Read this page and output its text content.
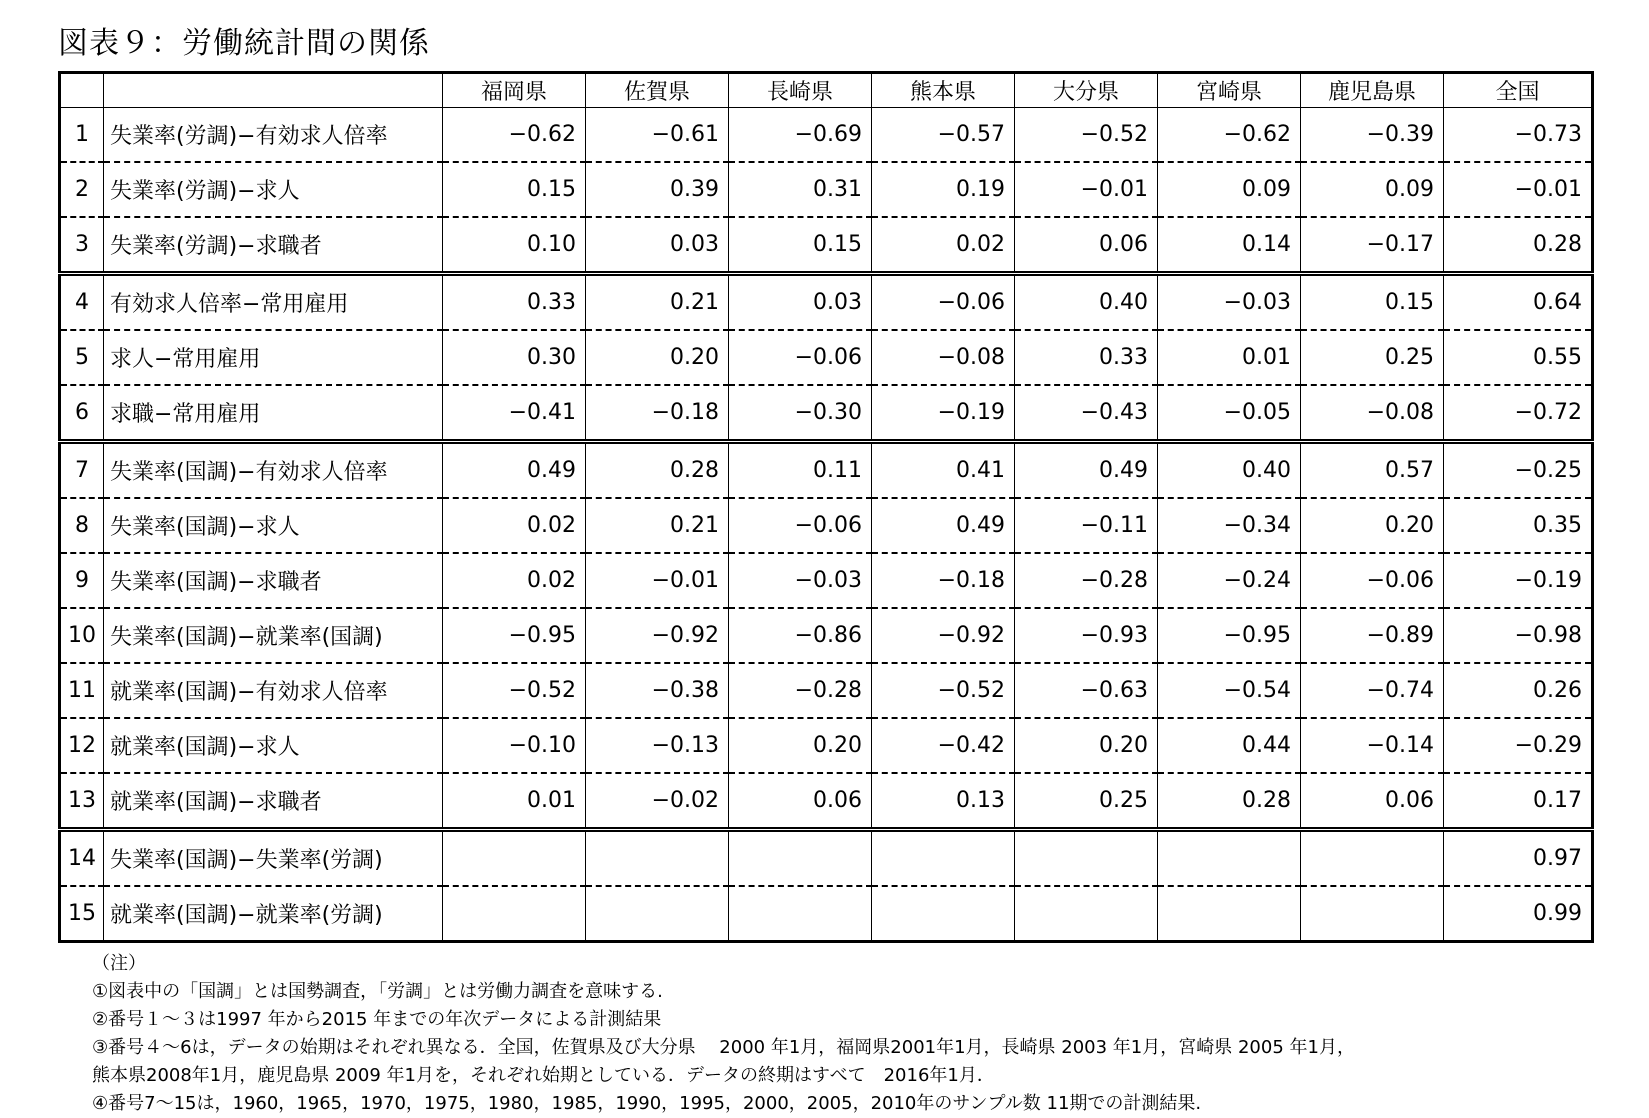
図表９：労働統計間の関係
		福岡県	佐賀県	長崎県	熊本県	大分県	宮崎県	鹿児島県	全国
1	失業率(労調)−有効求人倍率	−0.62	−0.61	−0.69	−0.57	−0.52	−0.62	−0.39	−0.73
2	失業率(労調)−求人	0.15	0.39	0.31	0.19	−0.01	0.09	0.09	−0.01
3	失業率(労調)−求職者	0.10	0.03	0.15	0.02	0.06	0.14	−0.17	0.28
4	有効求人倍率−常用雇用	0.33	0.21	0.03	−0.06	0.40	−0.03	0.15	0.64
5	求人−常用雇用	0.30	0.20	−0.06	−0.08	0.33	0.01	0.25	0.55
6	求職−常用雇用	−0.41	−0.18	−0.30	−0.19	−0.43	−0.05	−0.08	−0.72
7	失業率(国調)−有効求人倍率	0.49	0.28	0.11	0.41	0.49	0.40	0.57	−0.25
8	失業率(国調)−求人	0.02	0.21	−0.06	0.49	−0.11	−0.34	0.20	0.35
9	失業率(国調)−求職者	0.02	−0.01	−0.03	−0.18	−0.28	−0.24	−0.06	−0.19
10	失業率(国調)−就業率(国調)	−0.95	−0.92	−0.86	−0.92	−0.93	−0.95	−0.89	−0.98
11	就業率(国調)−有効求人倍率	−0.52	−0.38	−0.28	−0.52	−0.63	−0.54	−0.74	0.26
12	就業率(国調)−求人	−0.10	−0.13	0.20	−0.42	0.20	0.44	−0.14	−0.29
13	就業率(国調)−求職者	0.01	−0.02	0.06	0.13	0.25	0.28	0.06	0.17
14	失業率(国調)−失業率(労調)								0.97
15	就業率(国調)−就業率(労調)								0.99
（注）
①図表中の「国調」とは国勢調査，「労調」とは労働力調査を意味する.
②番号１～３は1997 年から2015 年までの年次データによる計測結果
③番号４～6は，データの始期はそれぞれ異なる．全国，佐賀県及び大分県　 2000 年1月，福岡県2001年1月，長崎県 2003 年1月，宮崎県 2005 年1月，
熊本県2008年1月，鹿児島県 2009 年1月を，それぞれ始期としている．データの終期はすべて　2016年1月．
④番号7～15は，1960，1965，1970，1975，1980，1985，1990，1995，2000，2005，2010年のサンプル数 11期での計測結果.
